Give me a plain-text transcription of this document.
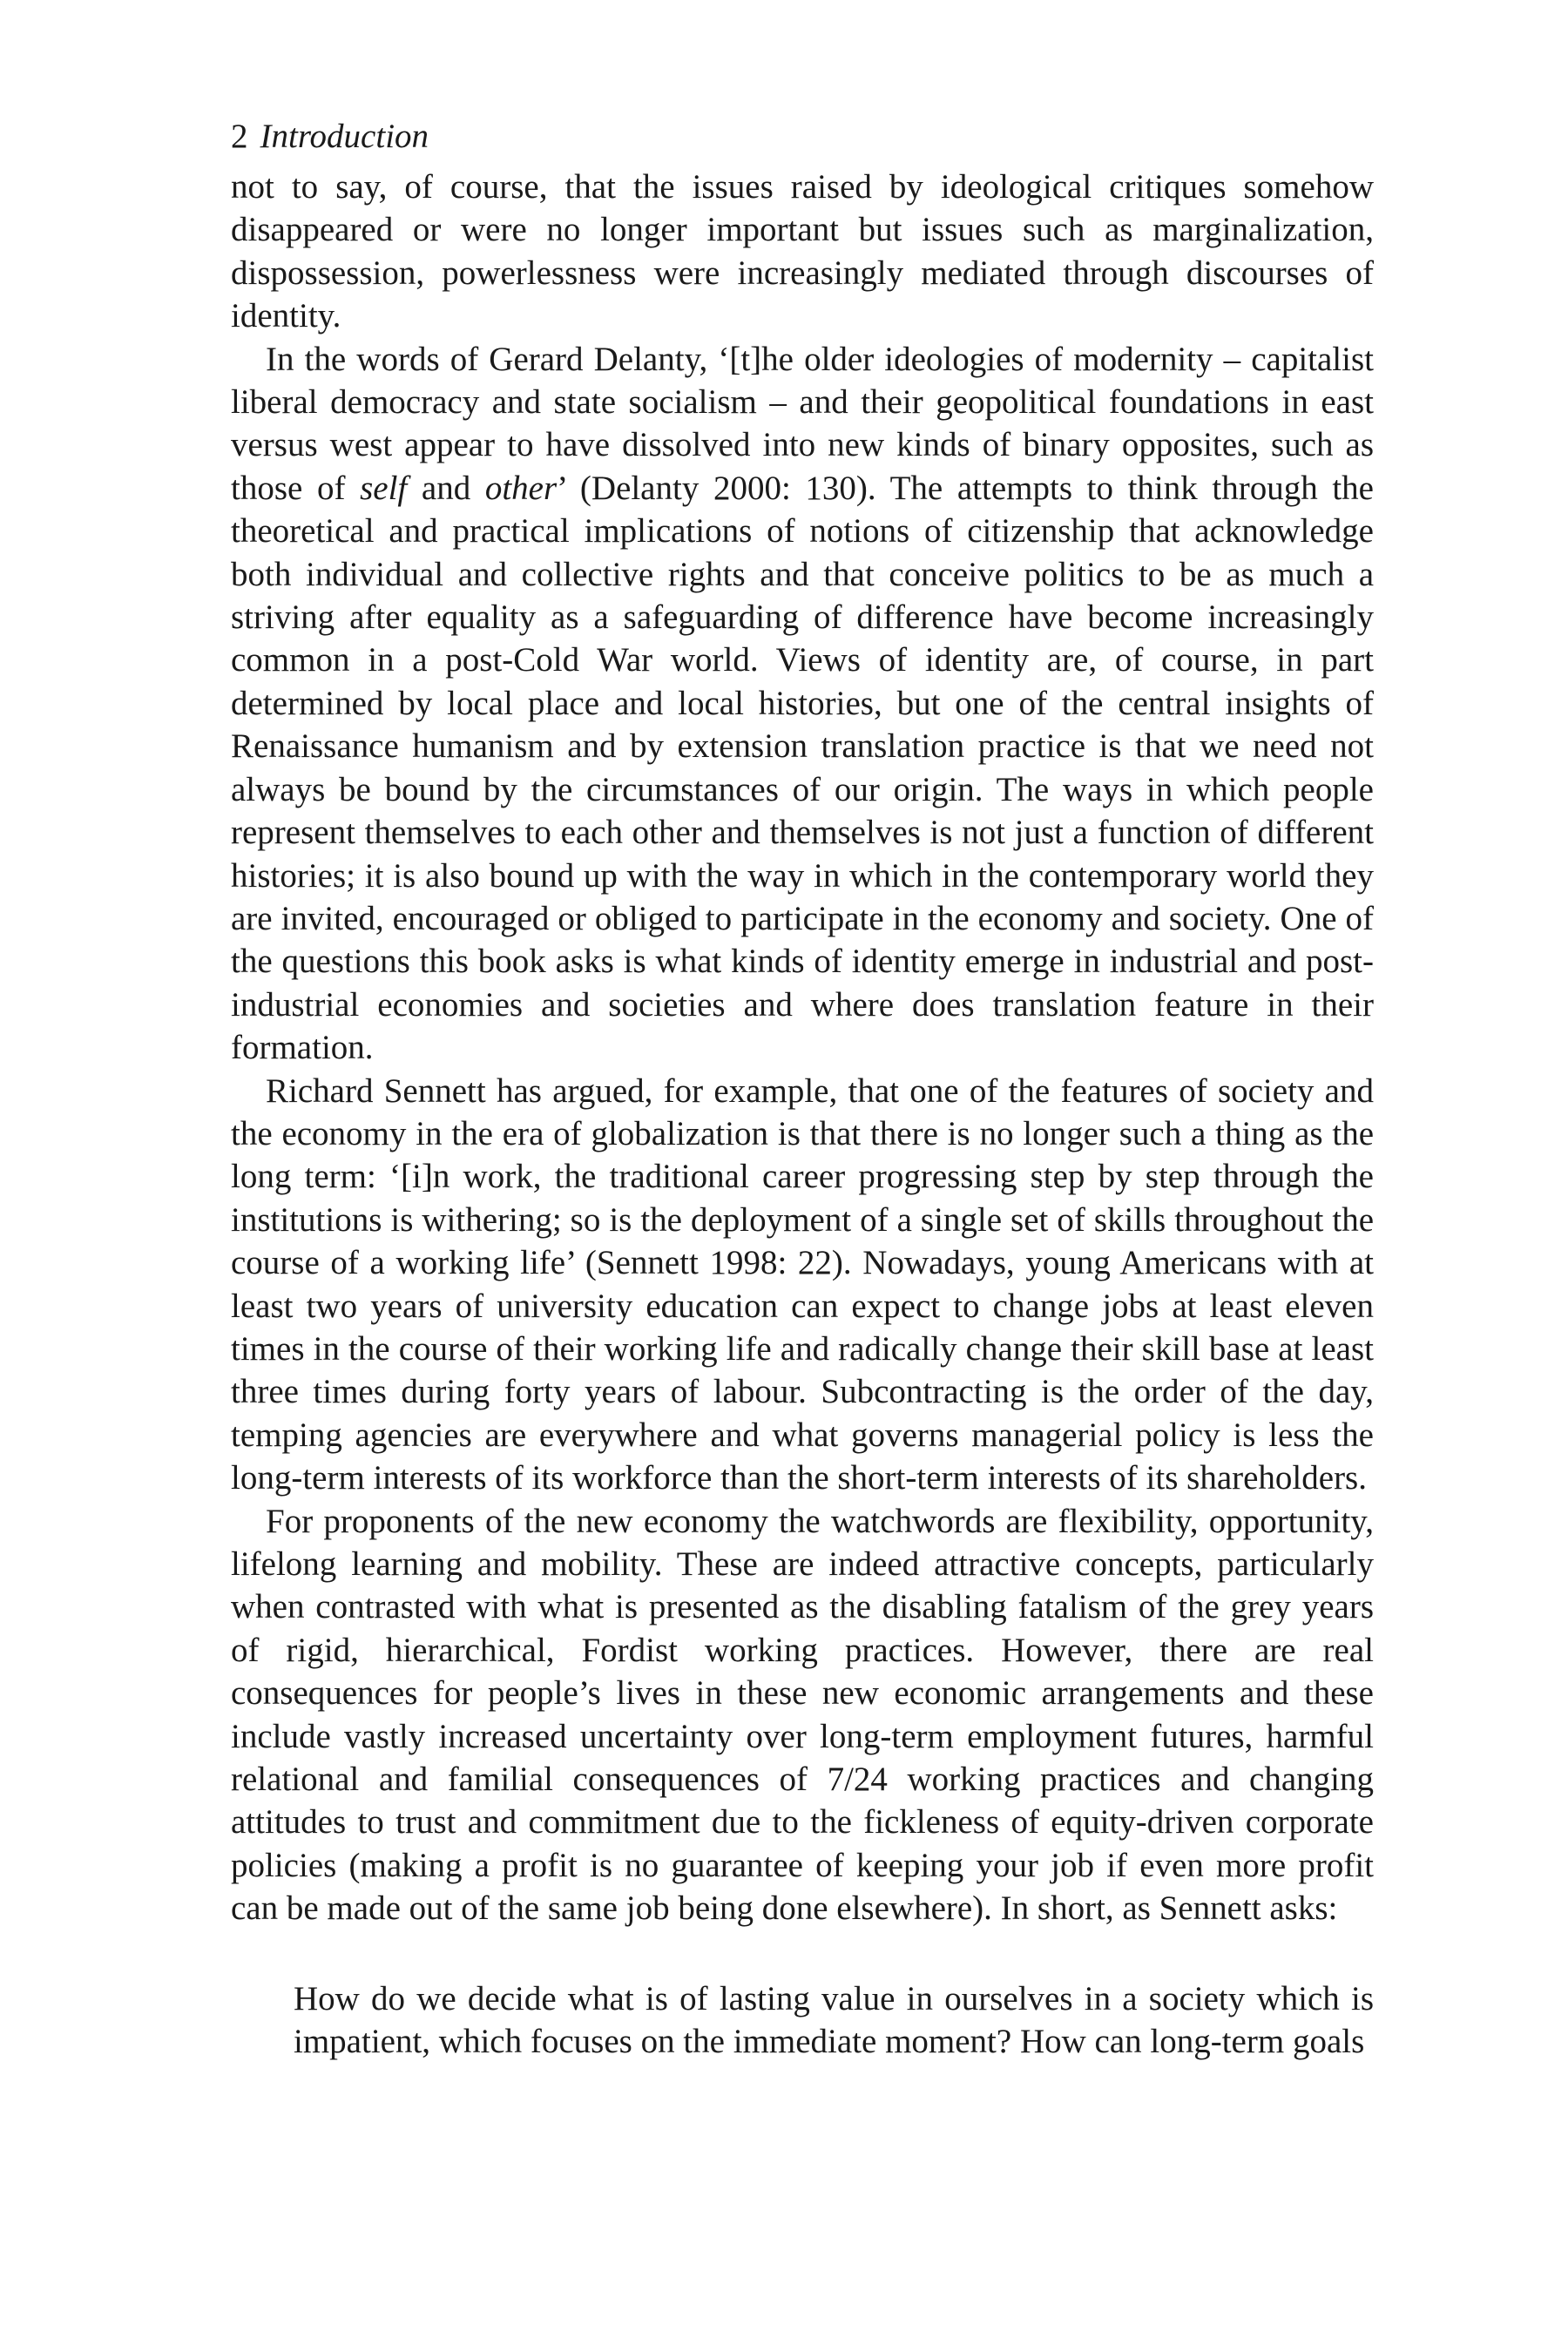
2 Introduction

not to say, of course, that the issues raised by ideological critiques somehow disappeared or were no longer important but issues such as marginalization, dispossession, powerlessness were increasingly mediated through discourses of identity.

In the words of Gerard Delanty, ‘[t]he older ideologies of modernity – capitalist liberal democracy and state socialism – and their geopolitical foundations in east versus west appear to have dissolved into new kinds of binary opposites, such as those of self and other’ (Delanty 2000: 130). The attempts to think through the theoretical and practical implications of notions of citizenship that acknowledge both individual and collective rights and that conceive politics to be as much a striving after equality as a safeguarding of difference have become increasingly common in a post-Cold War world. Views of identity are, of course, in part determined by local place and local histories, but one of the central insights of Renaissance humanism and by extension translation practice is that we need not always be bound by the circumstances of our origin. The ways in which people represent themselves to each other and themselves is not just a function of different histories; it is also bound up with the way in which in the contemporary world they are invited, encouraged or obliged to participate in the economy and society. One of the questions this book asks is what kinds of identity emerge in industrial and post-industrial economies and societies and where does translation feature in their formation.

Richard Sennett has argued, for example, that one of the features of society and the economy in the era of globalization is that there is no longer such a thing as the long term: ‘[i]n work, the traditional career progressing step by step through the institutions is withering; so is the deployment of a single set of skills throughout the course of a working life’ (Sennett 1998: 22). Nowadays, young Americans with at least two years of university education can expect to change jobs at least eleven times in the course of their working life and radically change their skill base at least three times during forty years of labour. Subcontracting is the order of the day, temping agencies are everywhere and what governs managerial policy is less the long-term interests of its workforce than the short-term interests of its shareholders.

For proponents of the new economy the watchwords are flexibility, opportunity, lifelong learning and mobility. These are indeed attractive concepts, particularly when contrasted with what is presented as the disabling fatalism of the grey years of rigid, hierarchical, Fordist working practices. However, there are real consequences for people’s lives in these new economic arrangements and these include vastly increased uncertainty over long-term employment futures, harmful relational and familial consequences of 7/24 working practices and changing attitudes to trust and commitment due to the fickleness of equity-driven corporate policies (making a profit is no guarantee of keeping your job if even more profit can be made out of the same job being done elsewhere). In short, as Sennett asks:

How do we decide what is of lasting value in ourselves in a society which is impatient, which focuses on the immediate moment? How can long-term goals
